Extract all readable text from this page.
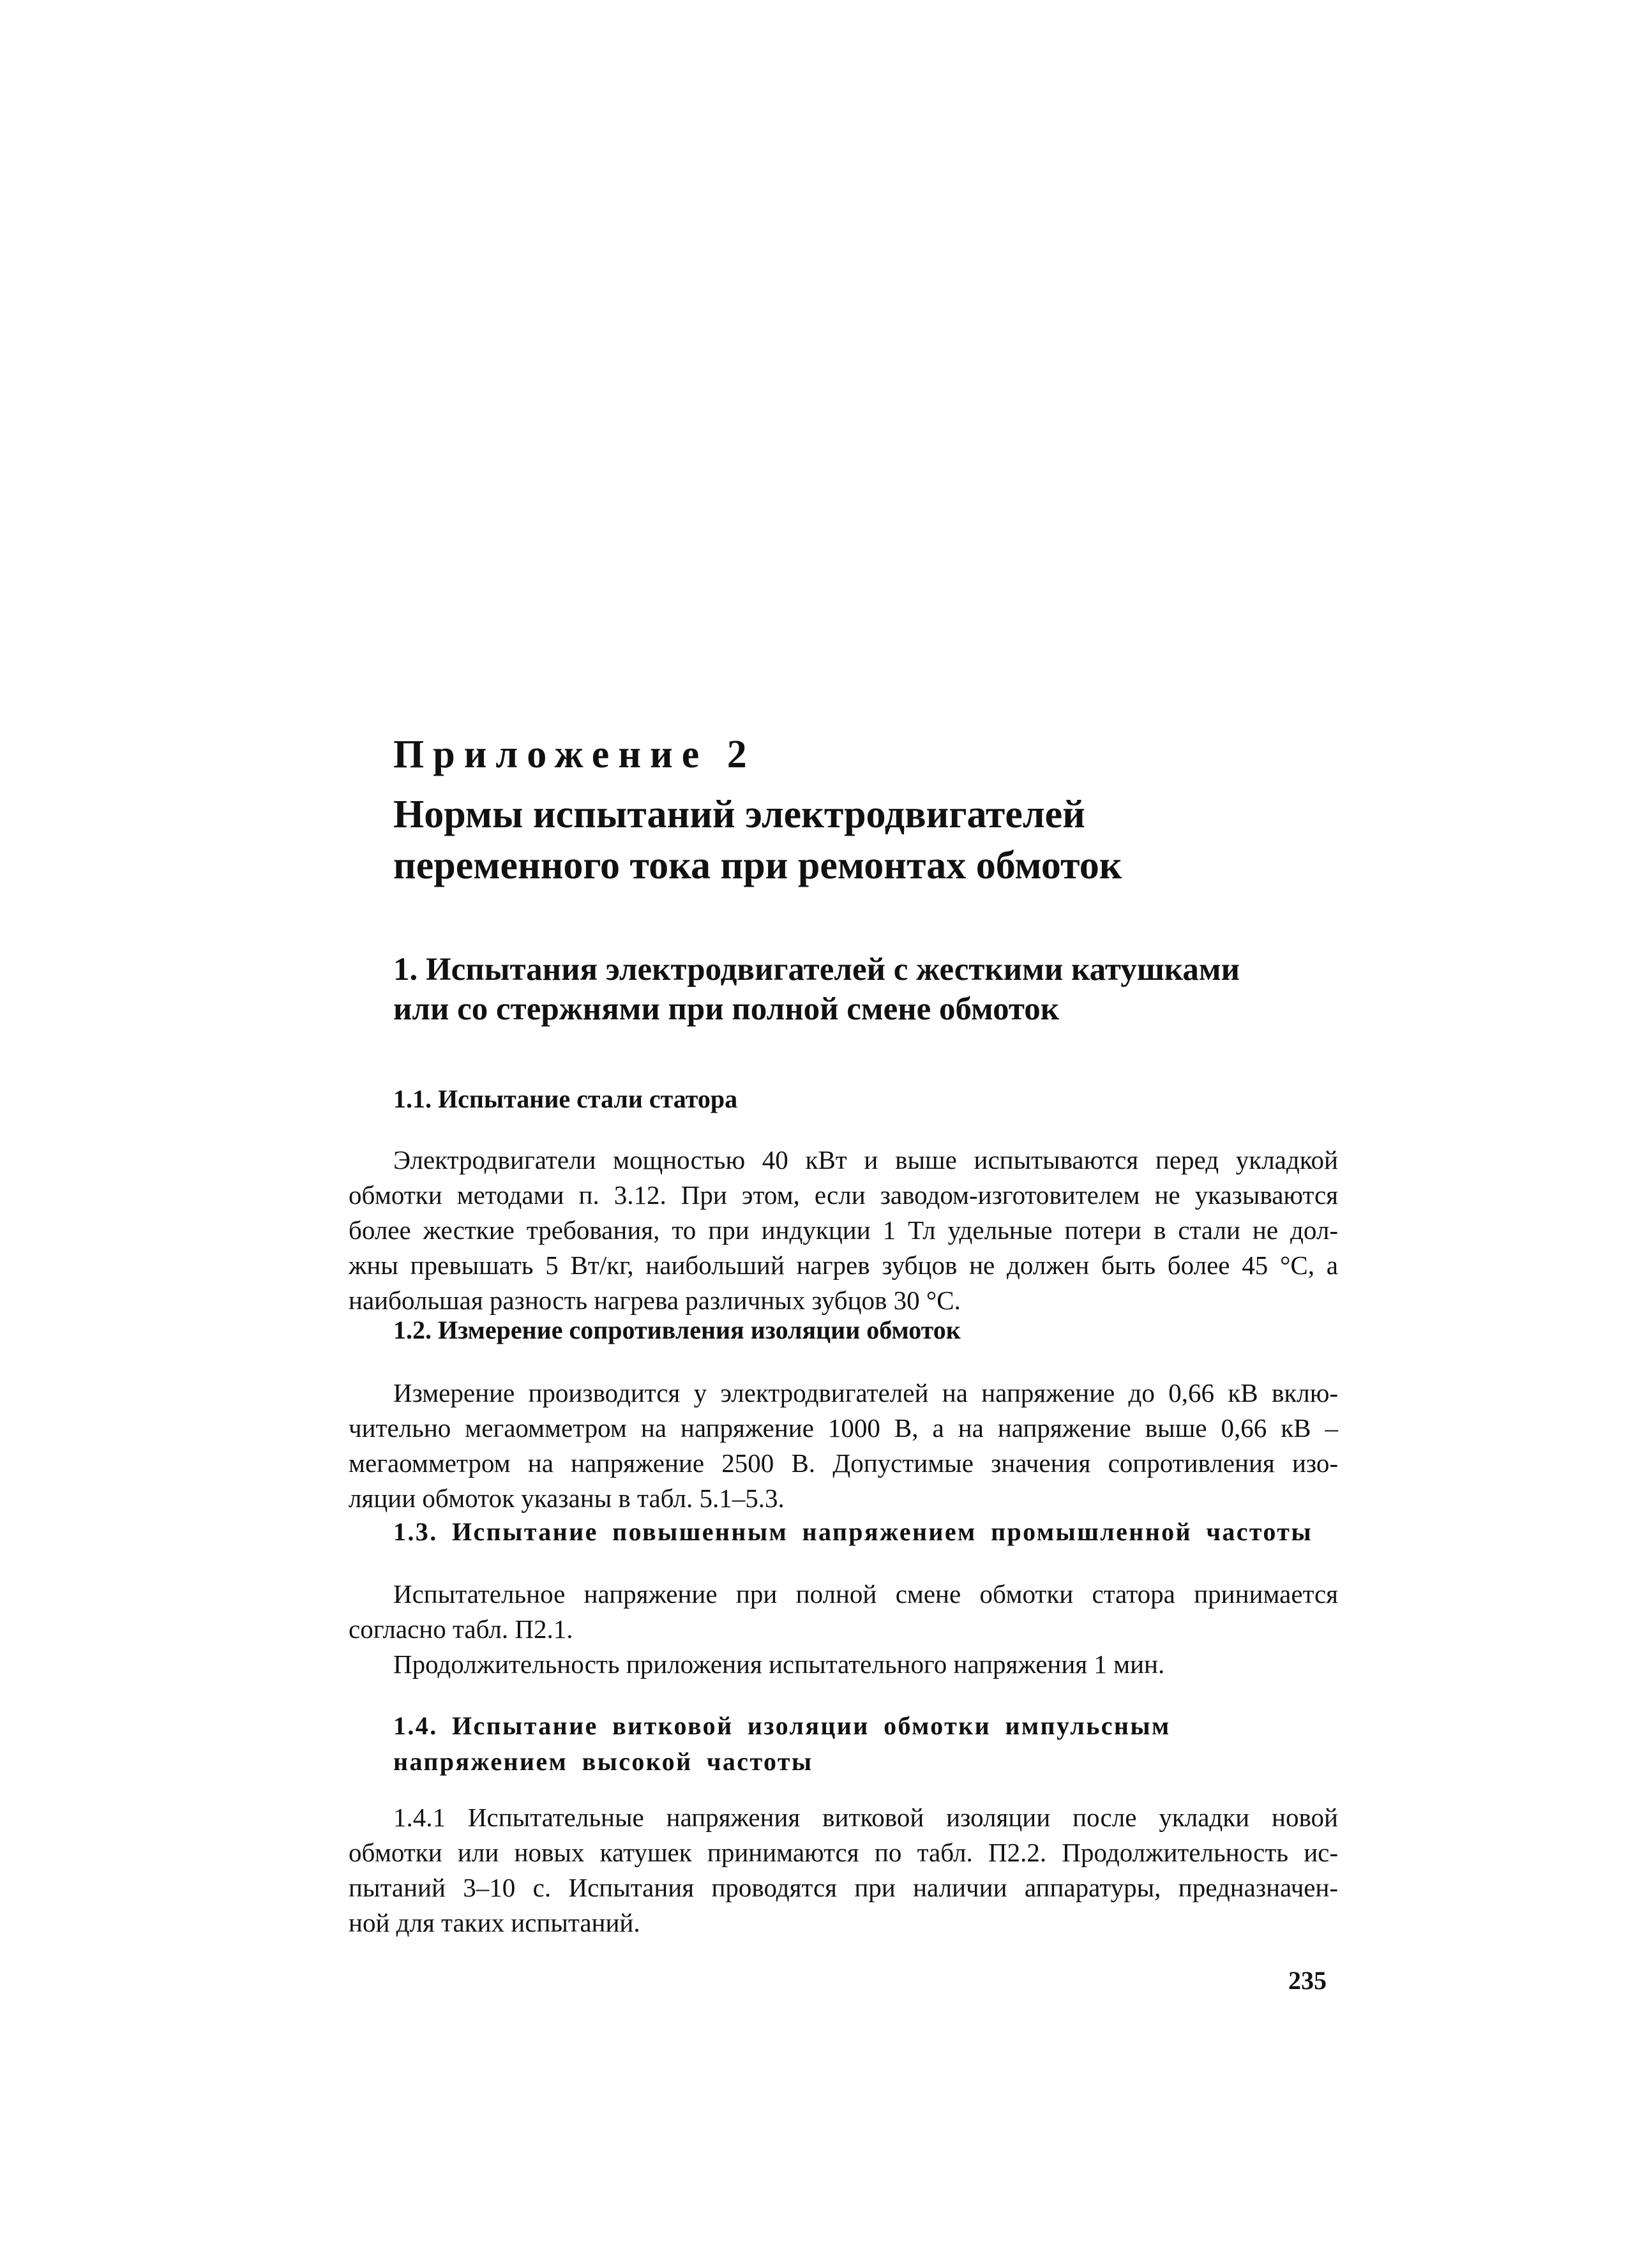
Приложение 2
Нормы испытаний электродвигателей
переменного тока при ремонтах обмоток
1. Испытания электродвигателей с жесткими катушками
или со стержнями при полной смене обмоток
1.1. Испытание стали статора
Электродвигатели мощностью 40 кВт и выше испытываются перед укладкой
обмотки методами п. 3.12. При этом, если заводом-изготовителем не указываются
более жесткие требования, то при индукции 1 Тл удельные потери в стали не дол-
жны превышать 5 Вт/кг, наибольший нагрев зубцов не должен быть более 45 °С, а
наибольшая разность нагрева различных зубцов 30 °С.
1.2. Измерение сопротивления изоляции обмоток
Измерение производится у электродвигателей на напряжение до 0,66 кВ вклю-
чительно мегаомметром на напряжение 1000 В, а на напряжение выше 0,66 кВ –
мегаомметром на напряжение 2500 В. Допустимые значения сопротивления изо-
ляции обмоток указаны в табл. 5.1–5.3.
1.3. Испытание повышенным напряжением промышленной частоты
Испытательное напряжение при полной смене обмотки статора принимается
согласно табл. П2.1.
Продолжительность приложения испытательного напряжения 1 мин.
1.4. Испытание витковой изоляции обмотки импульсным
напряжением высокой частоты
1.4.1 Испытательные напряжения витковой изоляции после укладки новой
обмотки или новых катушек принимаются по табл. П2.2. Продолжительность ис-
пытаний 3–10 с. Испытания проводятся при наличии аппаратуры, предназначен-
ной для таких испытаний.
235
